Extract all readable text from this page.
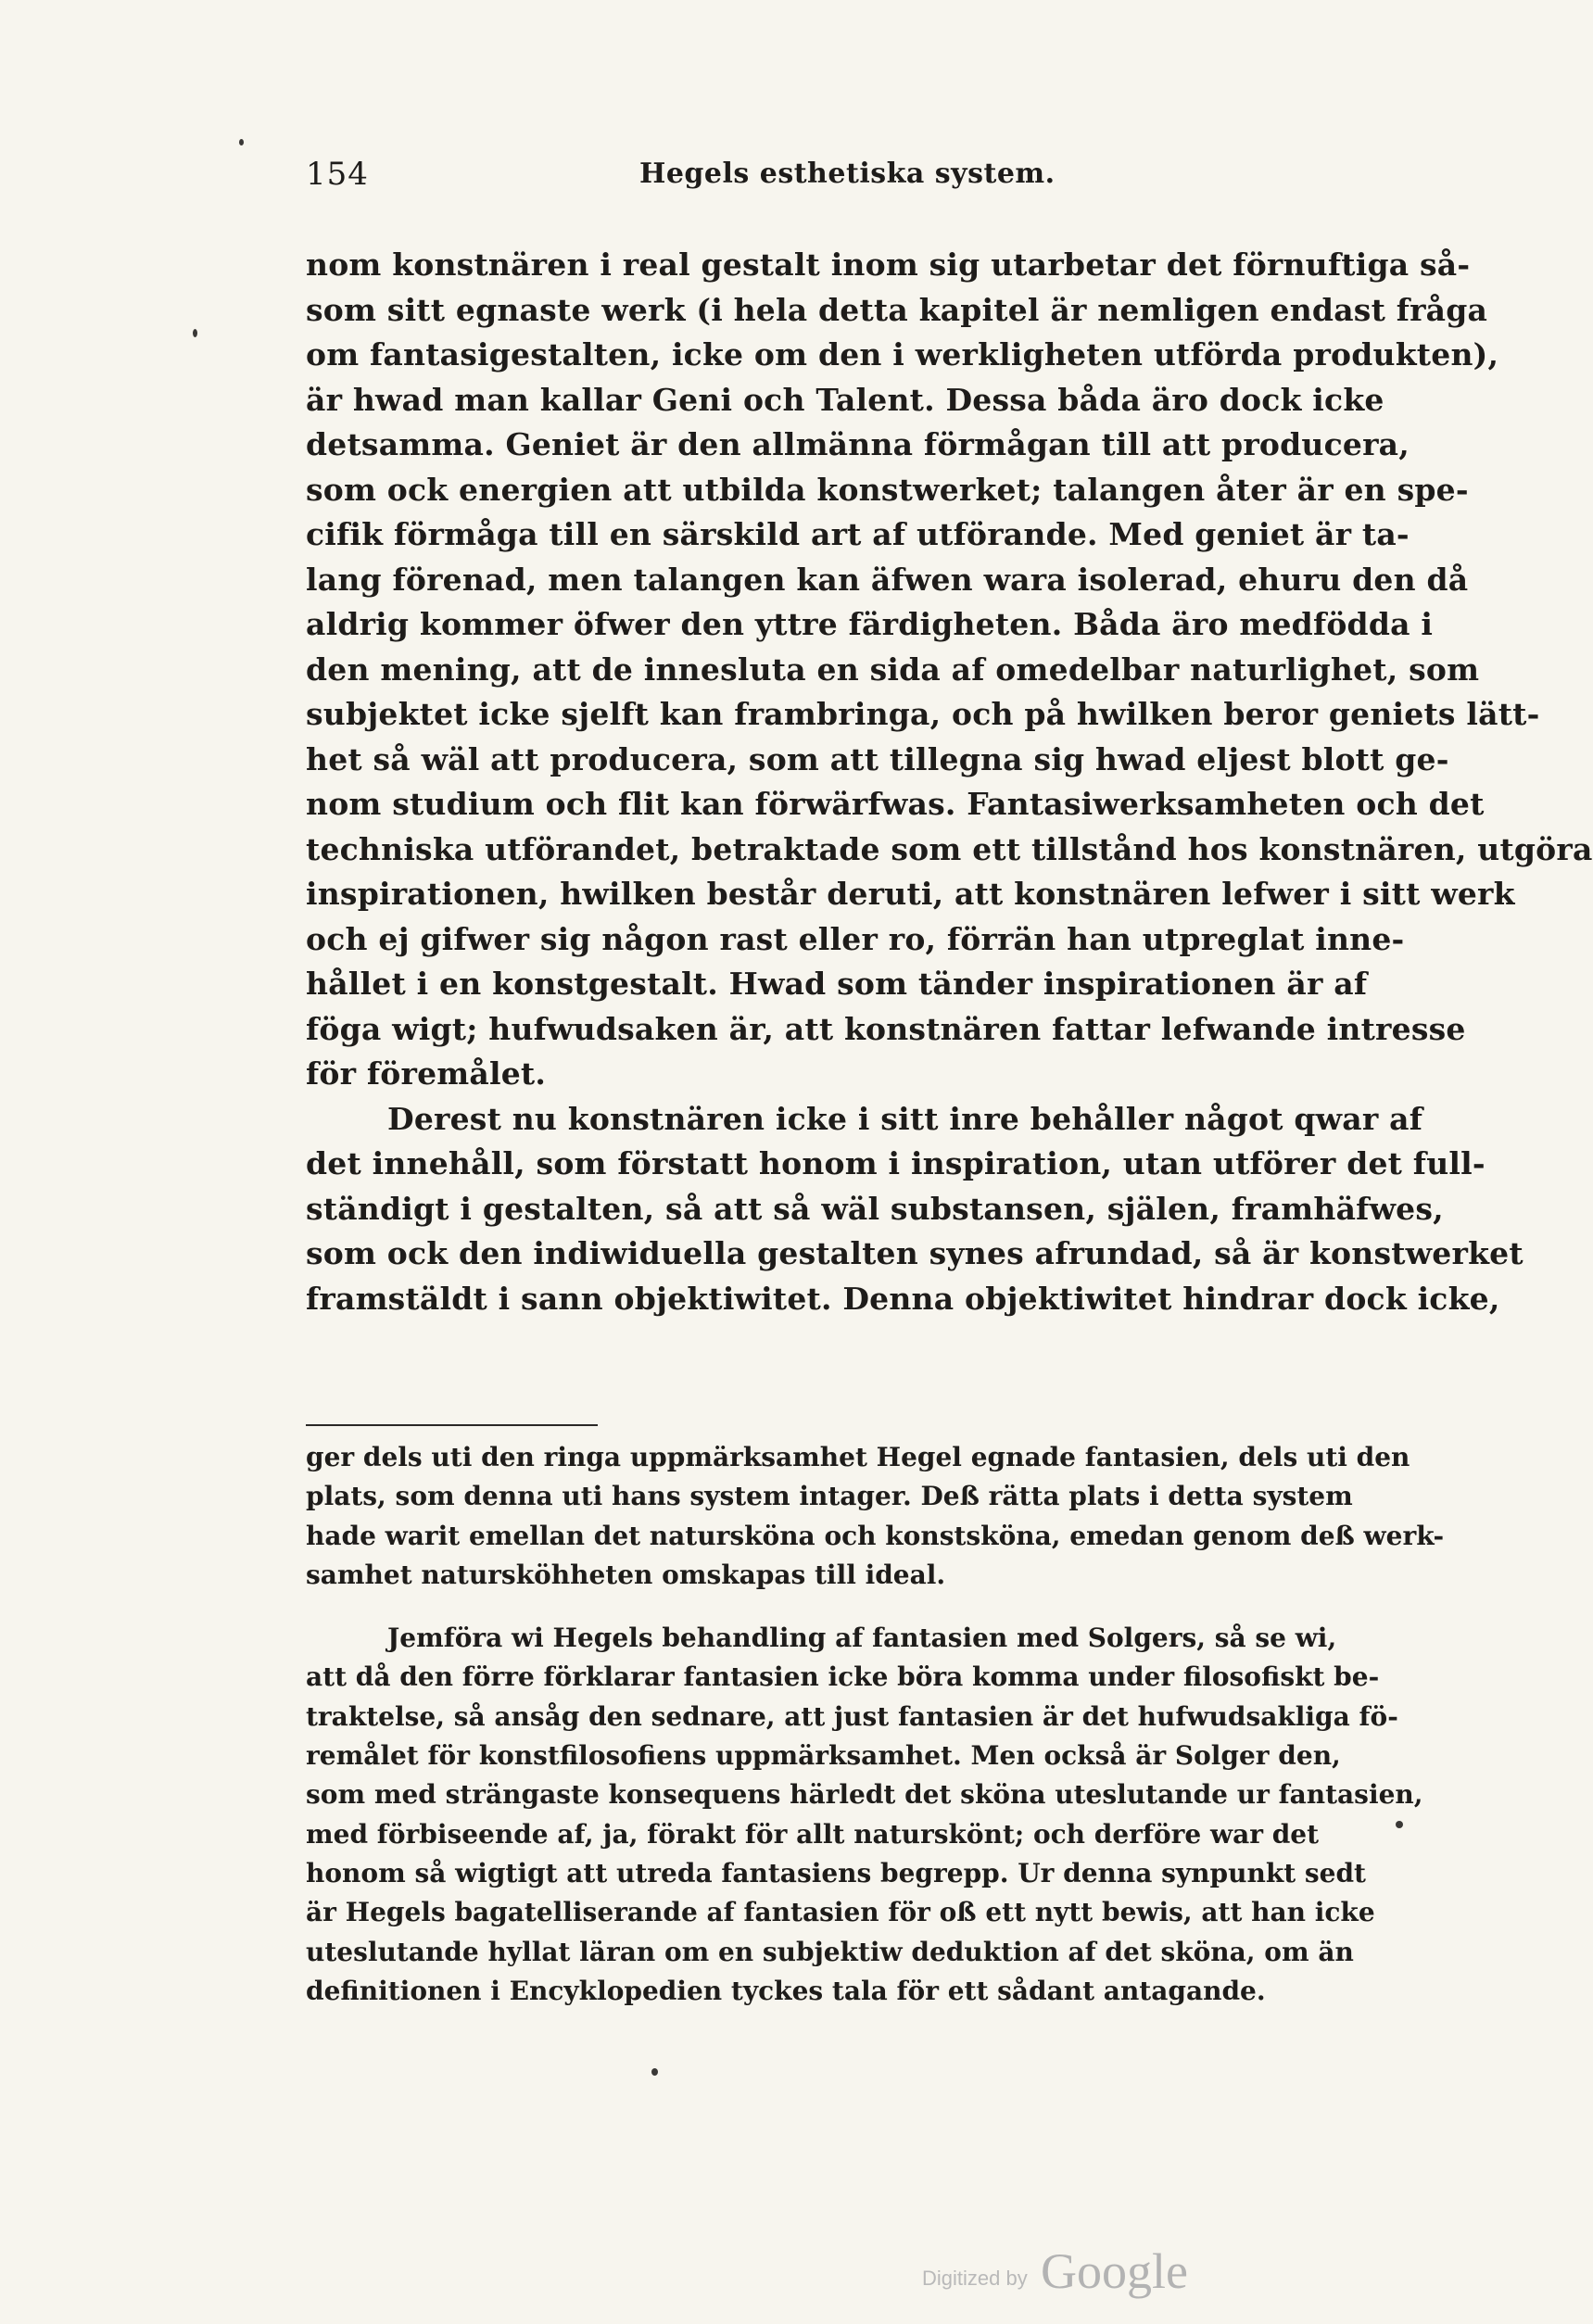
154	Hegels esthetiska system.
nom konstnären i real gestalt inom sig utarbetar det förnuftiga så-
som sitt egnaste werk (i hela detta kapitel är nemligen endast fråga
om fantasigestalten, icke om den i werkligheten utförda produkten),
är hwad man kallar Geni och Talent. Dessa båda äro dock icke
detsamma. Geniet är den allmänna förmågan till att producera,
som ock energien att utbilda konstwerket; talangen åter är en spe-
cifik förmåga till en särskild art af utförande. Med geniet är ta-
lang förenad, men talangen kan äfwen wara isolerad, ehuru den då
aldrig kommer öfwer den yttre färdigheten. Båda äro medfödda i
den mening, att de innesluta en sida af omedelbar naturlighet, som
subjektet icke sjelft kan frambringa, och på hwilken beror geniets lätt-
het så wäl att producera, som att tillegna sig hwad eljest blott ge-
nom studium och flit kan förwärfwas. Fantasiwerksamheten och det
techniska utförandet, betraktade som ett tillstånd hos konstnären, utgöra
inspirationen, hwilken består deruti, att konstnären lefwer i sitt werk
och ej gifwer sig någon rast eller ro, förrän han utpreglat inne-
hållet i en konstgestalt. Hwad som tänder inspirationen är af
föga wigt; hufwudsaken är, att konstnären fattar lefwande intresse
för föremålet.
Derest nu konstnären icke i sitt inre behåller något qwar af
det innehåll, som förstatt honom i inspiration, utan utförer det full-
ständigt i gestalten, så att så wäl substansen, själen, framhäfwes,
som ock den indiwiduella gestalten synes afrundad, så är konstwerket
framstäldt i sann objektiwitet. Denna objektiwitet hindrar dock icke,
ger dels uti den ringa uppmärksamhet Hegel egnade fantasien, dels uti den
plats, som denna uti hans system intager. Deß rätta plats i detta system
hade warit emellan det natursköna och konstsköna, emedan genom deß werk-
samhet natursköhheten omskapas till ideal.
Jemföra wi Hegels behandling af fantasien med Solgers, så se wi,
att då den förre förklarar fantasien icke böra komma under filosofiskt be-
traktelse, så ansåg den sednare, att just fantasien är det hufwudsakliga fö-
remålet för konstfilosofiens uppmärksamhet. Men också är Solger den,
som med strängaste konsequens härledt det sköna uteslutande ur fantasien,
med förbiseende af, ja, förakt för allt naturskönt; och derföre war det
honom så wigtigt att utreda fantasiens begrepp. Ur denna synpunkt sedt
är Hegels bagatelliserande af fantasien för oß ett nytt bewis, att han icke
uteslutande hyllat läran om en subjektiw deduktion af det sköna, om än
definitionen i Encyklopedien tyckes tala för ett sådant antagande.
Digitized by Google
